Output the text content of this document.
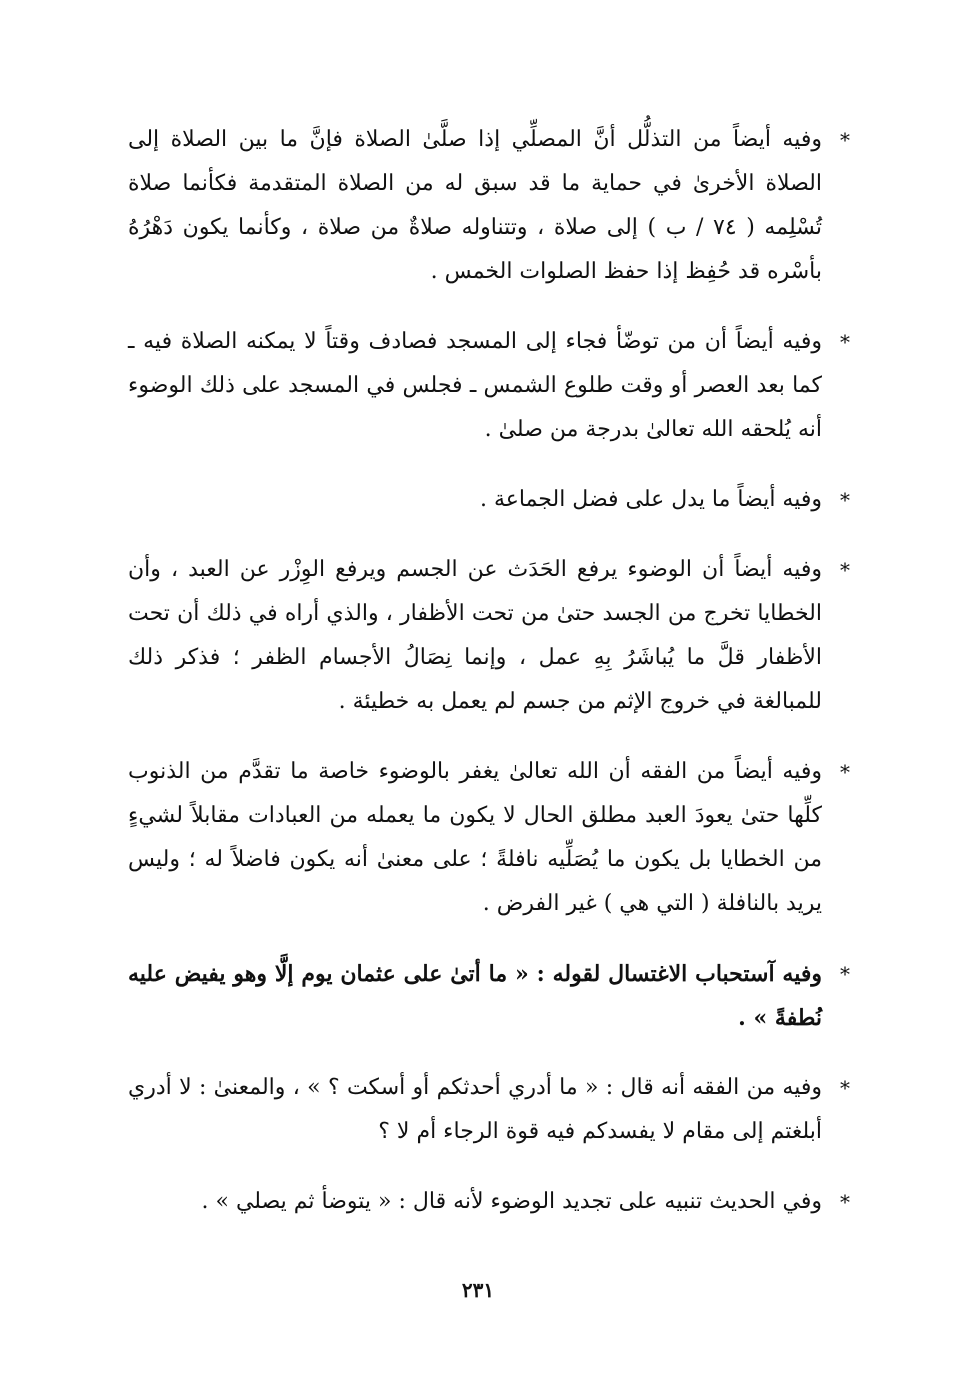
*
وفيه أيضاً من التذلُّل أنَّ المصلِّي إذا صلَّىٰ الصلاة فإنَّ ما بين الصلاة إلى الصلاة الأخرىٰ في حماية ما قد سبق له من الصلاة المتقدمة فكأنما صلاة تُسْلِمه ( ٧٤ / ب ) إلى صلاة ، وتتناوله صلاةٌ من صلاة ، وكأنما يكون دَهْرُهُ بأسْره قد حُفِظ إذا حفظ الصلوات الخمس .
*
وفيه أيضاً أن من توضّأ فجاء إلى المسجد فصادف وقتاً لا يمكنه الصلاة فيه ـ كما بعد العصر أو وقت طلوع الشمس ـ فجلس في المسجد على ذلك الوضوء أنه يُلحقه الله تعالىٰ بدرجة من صلىٰ .
*
وفيه أيضاً ما يدل على فضل الجماعة .
*
وفيه أيضاً أن الوضوء يرفع الحَدَث عن الجسم ويرفع الوِزْر عن العبد ، وأن الخطايا تخرج من الجسد حتىٰ من تحت الأظفار ، والذي أراه في ذلك أن تحت الأظفار قلَّ ما يُباشَرُ بِهِ عمل ، وإنما نِصَالُ الأجسام الظفر ؛ فذكر ذلك للمبالغة في خروج الإثم من جسم لم يعمل به خطيئة .
*
وفيه أيضاً من الفقه أن الله تعالىٰ يغفر بالوضوء خاصة ما تقدَّم من الذنوب كلِّها حتىٰ يعودَ العبد مطلق الحال لا يكون ما يعمله من العبادات مقابلاً لشيءٍ من الخطايا بل يكون ما يُصَلِّيه نافلةً ؛ على معنىٰ أنه يكون فاضلاً له ؛ وليس يريد بالنافلة ( التي هي ) غير الفرض .
*
وفيه آستحباب الاغتسال لقوله : « ما أتىٰ على عثمان يوم إلَّا وهو يفيض عليه نُطفةً » .
*
وفيه من الفقه أنه قال : « ما أدري أحدثكم أو أسكت ؟ » ، والمعنىٰ : لا أدري أبلغتم إلى مقام لا يفسدكم فيه قوة الرجاء أم لا ؟
*
وفي الحديث تنبيه على تجديد الوضوء لأنه قال : « يتوضأ ثم يصلي » .
٢٣١
